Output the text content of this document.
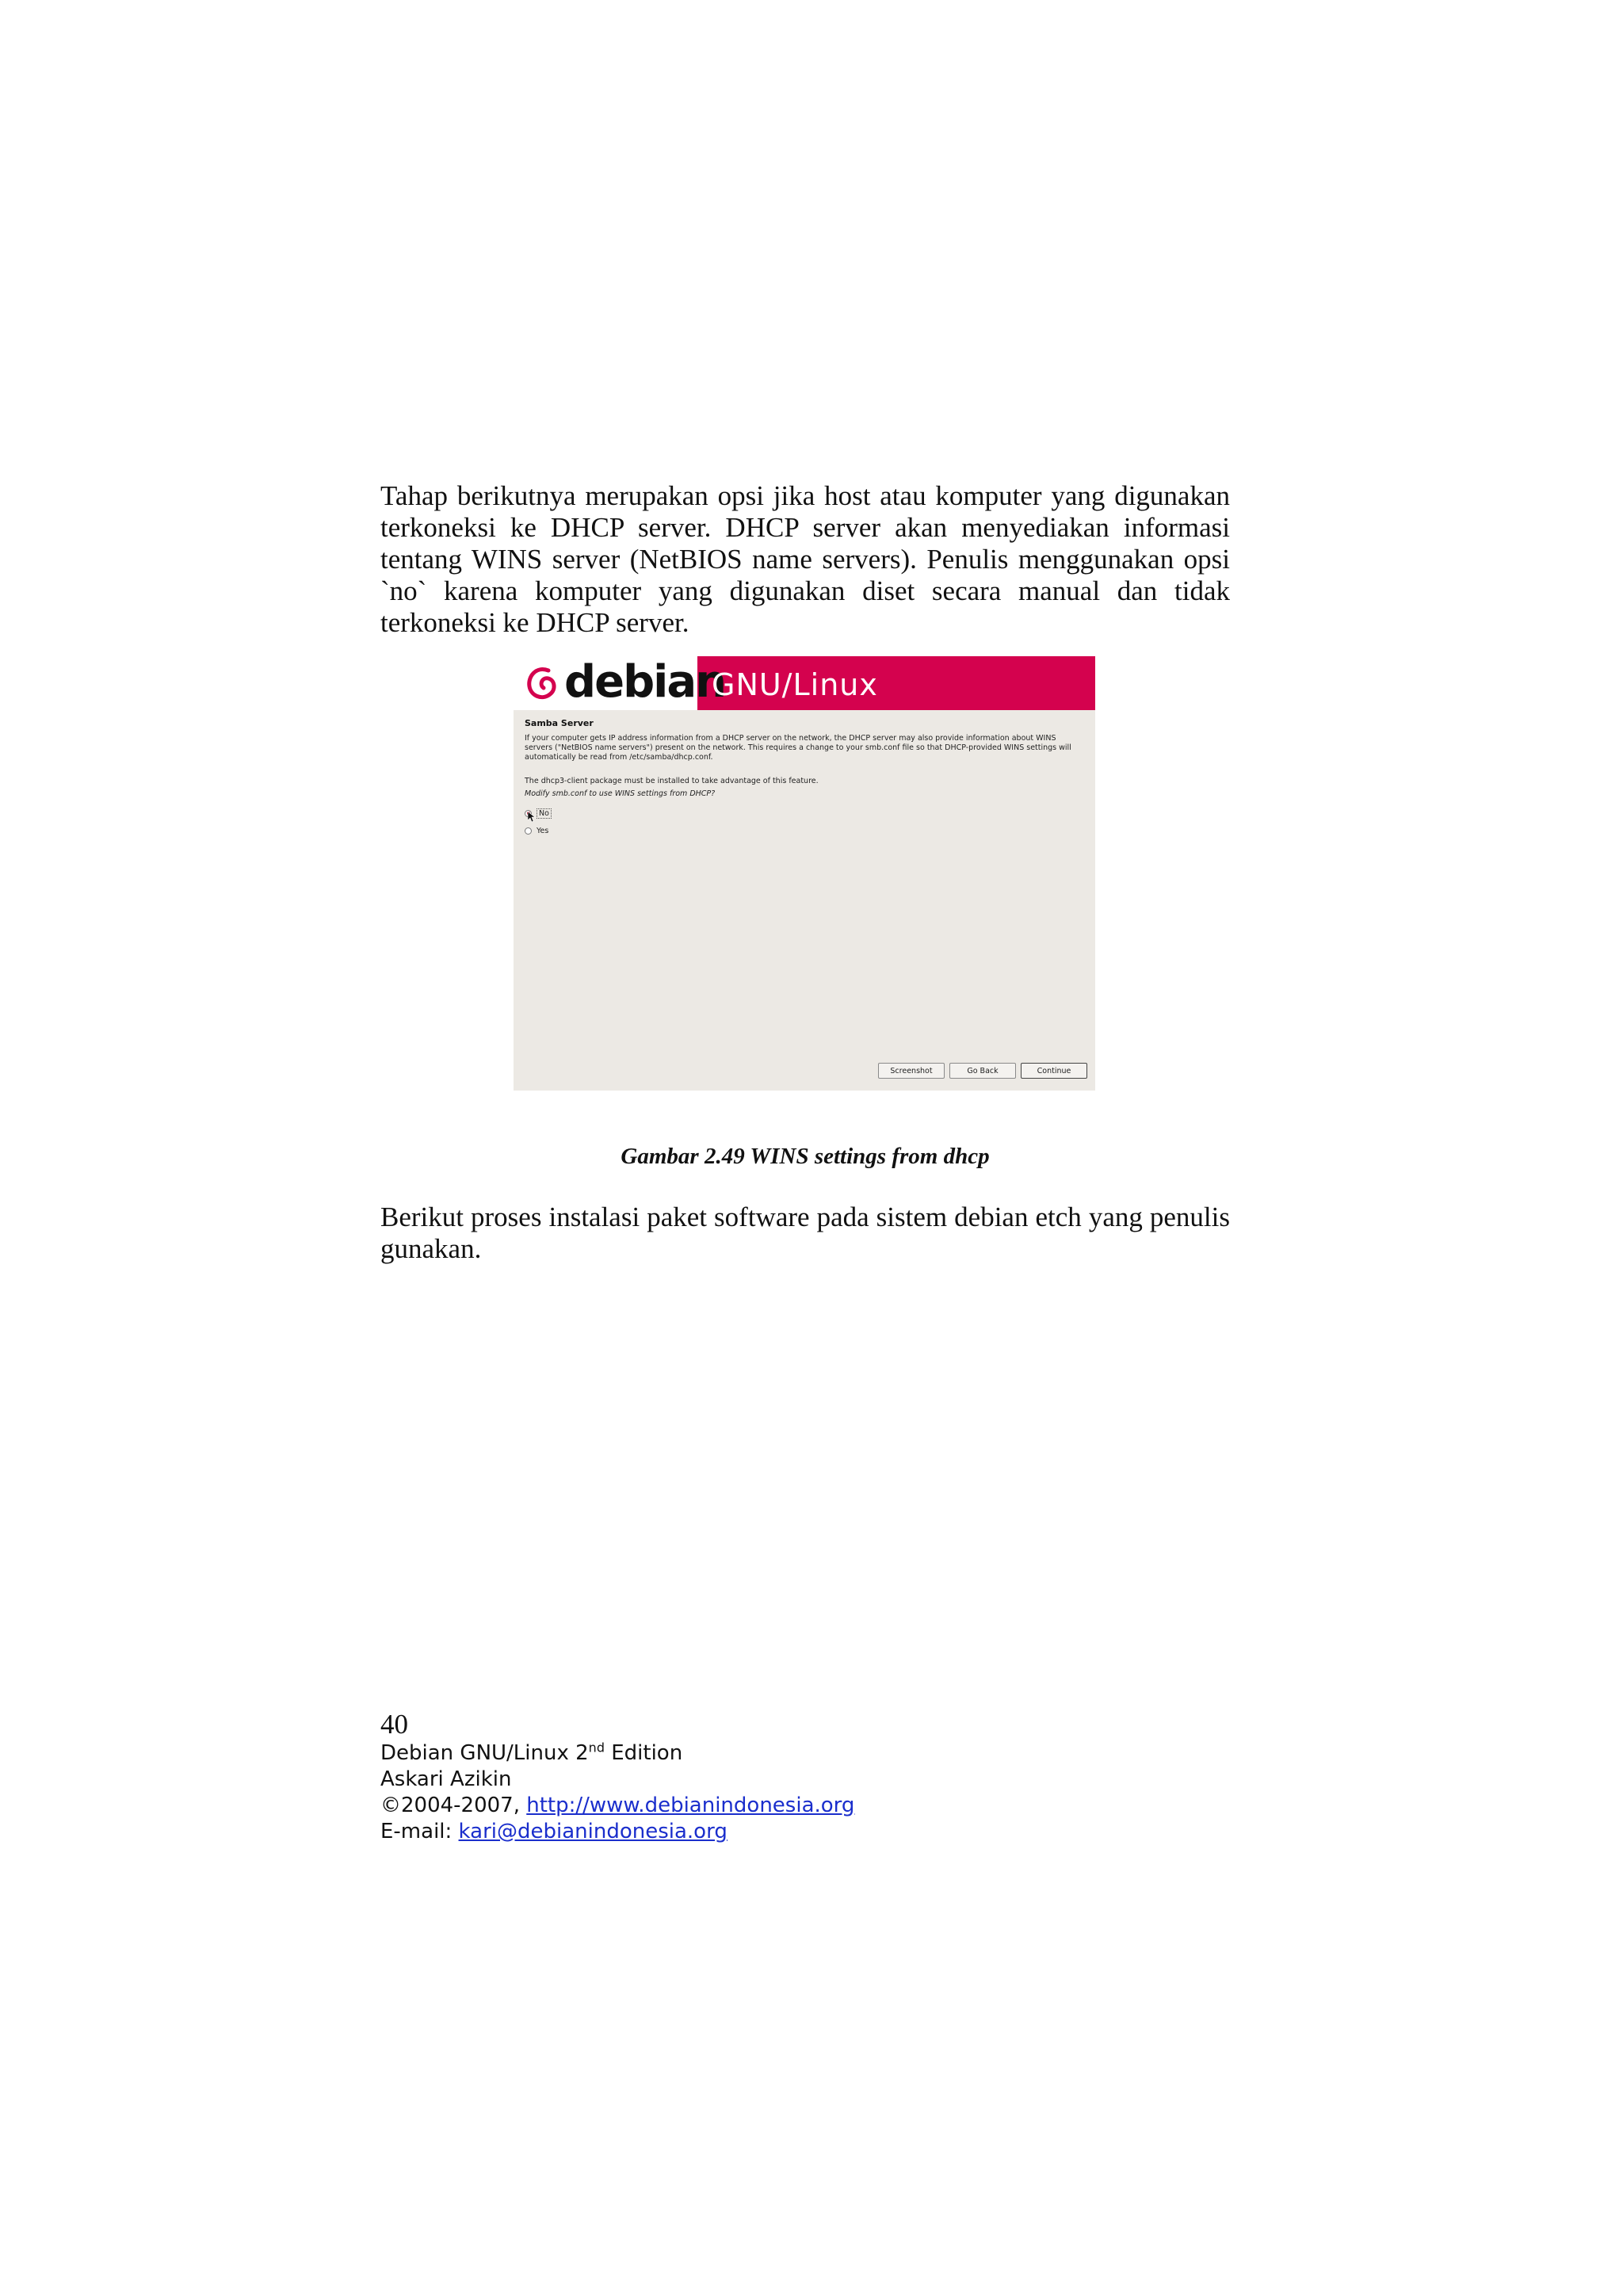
Tahap berikutnya merupakan opsi jika host atau komputer yang digunakan terkoneksi ke DHCP server. DHCP server akan menyediakan informasi tentang WINS server (NetBIOS name servers). Penulis menggunakan opsi `no` karena komputer yang digunakan diset secara manual dan tidak terkoneksi ke DHCP server.

debian
GNU/Linux
Samba Server

If your computer gets IP address information from a DHCP server on the network, the DHCP server may also provide information about WINS servers ("NetBIOS name servers") present on the network. This requires a change to your smb.conf file so that DHCP-provided WINS settings will automatically be read from /etc/samba/dhcp.conf.

The dhcp3-client package must be installed to take advantage of this feature.

Modify smb.conf to use WINS settings from DHCP?

No
Yes
Screenshot	Go Back	Continue
Gambar 2.49 WINS settings from dhcp

Berikut proses instalasi paket software pada sistem debian etch yang penulis gunakan.

40
Debian GNU/Linux 2nd Edition
Askari Azikin
©2004-2007, http://www.debianindonesia.org
E-mail: kari@debianindonesia.org
